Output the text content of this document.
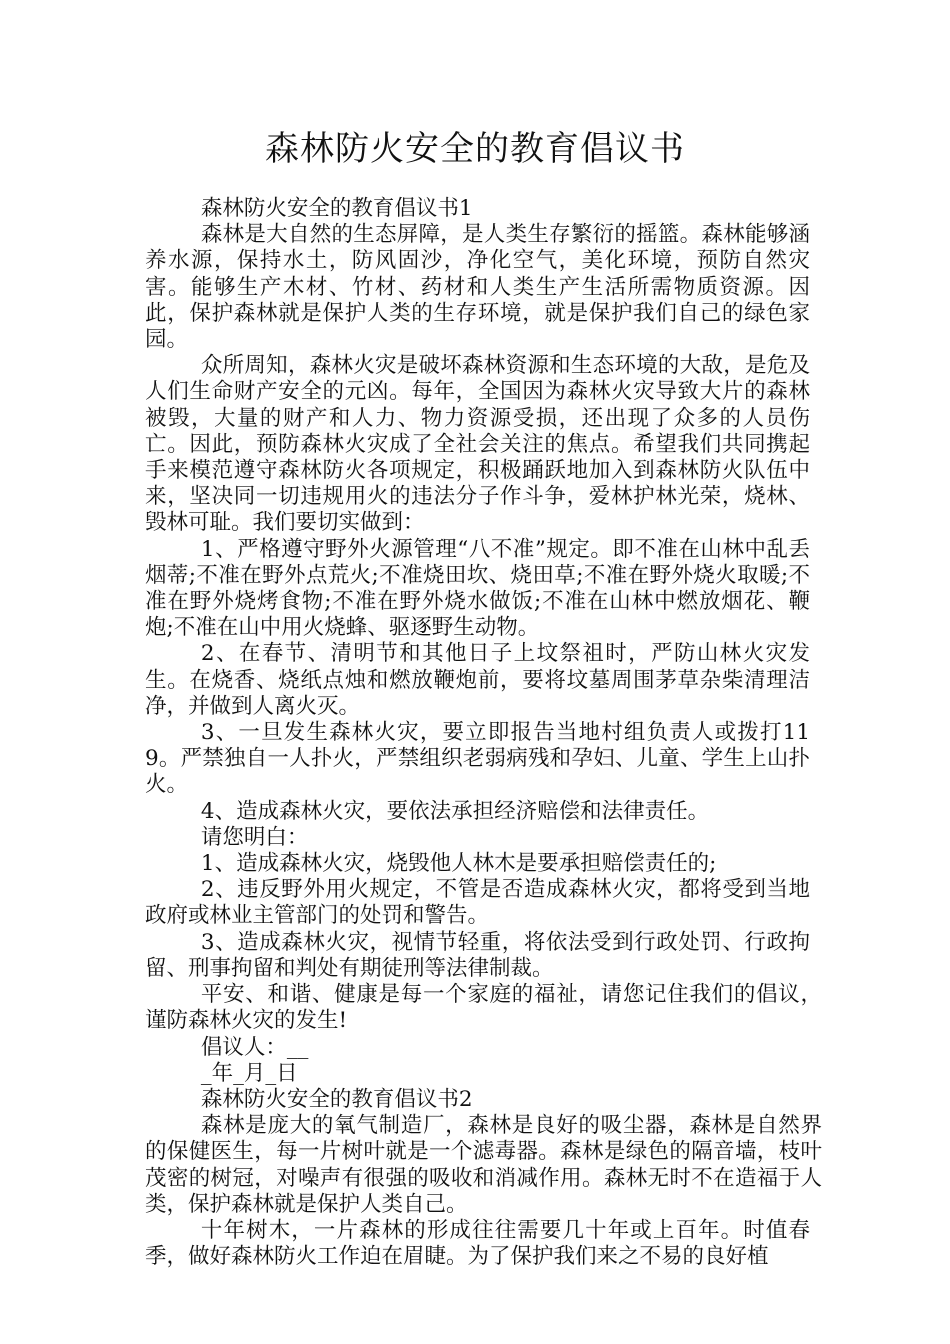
森林防火安全的教育倡议书

森林防火安全的教育倡议书1

森林是大自然的生态屏障，是人类生存繁衍的摇篮。森林能够涵养水源，保持水土，防风固沙，净化空气，美化环境，预防自然灾害。能够生产木材、竹材、药材和人类生产生活所需物质资源。因此，保护森林就是保护人类的生存环境，就是保护我们自己的绿色家园。

众所周知，森林火灾是破坏森林资源和生态环境的大敌，是危及人们生命财产安全的元凶。每年，全国因为森林火灾导致大片的森林被毁，大量的财产和人力、物力资源受损，还出现了众多的人员伤亡。因此，预防森林火灾成了全社会关注的焦点。希望我们共同携起手来模范遵守森林防火各项规定，积极踊跃地加入到森林防火队伍中来，坚决同一切违规用火的违法分子作斗争，爱林护林光荣，烧林、毁林可耻。我们要切实做到：

1、严格遵守野外火源管理“八不准”规定。即不准在山林中乱丢烟蒂;不准在野外点荒火;不准烧田坎、烧田草;不准在野外烧火取暖;不准在野外烧烤食物;不准在野外烧水做饭;不准在山林中燃放烟花、鞭炮;不准在山中用火烧蜂、驱逐野生动物。

2、在春节、清明节和其他日子上坟祭祖时，严防山林火灾发生。在烧香、烧纸点烛和燃放鞭炮前，要将坟墓周围茅草杂柴清理洁净，并做到人离火灭。

3、一旦发生森林火灾，要立即报告当地村组负责人或拨打119。严禁独自一人扑火，严禁组织老弱病残和孕妇、儿童、学生上山扑火。

4、造成森林火灾，要依法承担经济赔偿和法律责任。

请您明白：

1、造成森林火灾，烧毁他人林木是要承担赔偿责任的;

2、违反野外用火规定，不管是否造成森林火灾，都将受到当地政府或林业主管部门的处罚和警告。

3、造成森林火灾，视情节轻重，将依法受到行政处罚、行政拘留、刑事拘留和判处有期徒刑等法律制裁。

平安、和谐、健康是每一个家庭的福祉，请您记住我们的倡议，谨防森林火灾的发生!

倡议人：__

_年_月_日

森林防火安全的教育倡议书2

森林是庞大的氧气制造厂，森林是良好的吸尘器，森林是自然界的保健医生，每一片树叶就是一个滤毒器。森林是绿色的隔音墙，枝叶茂密的树冠，对噪声有很强的吸收和消减作用。森林无时不在造福于人类，保护森林就是保护人类自己。

十年树木，一片森林的形成往往需要几十年或上百年。时值春季，做好森林防火工作迫在眉睫。为了保护我们来之不易的良好植
